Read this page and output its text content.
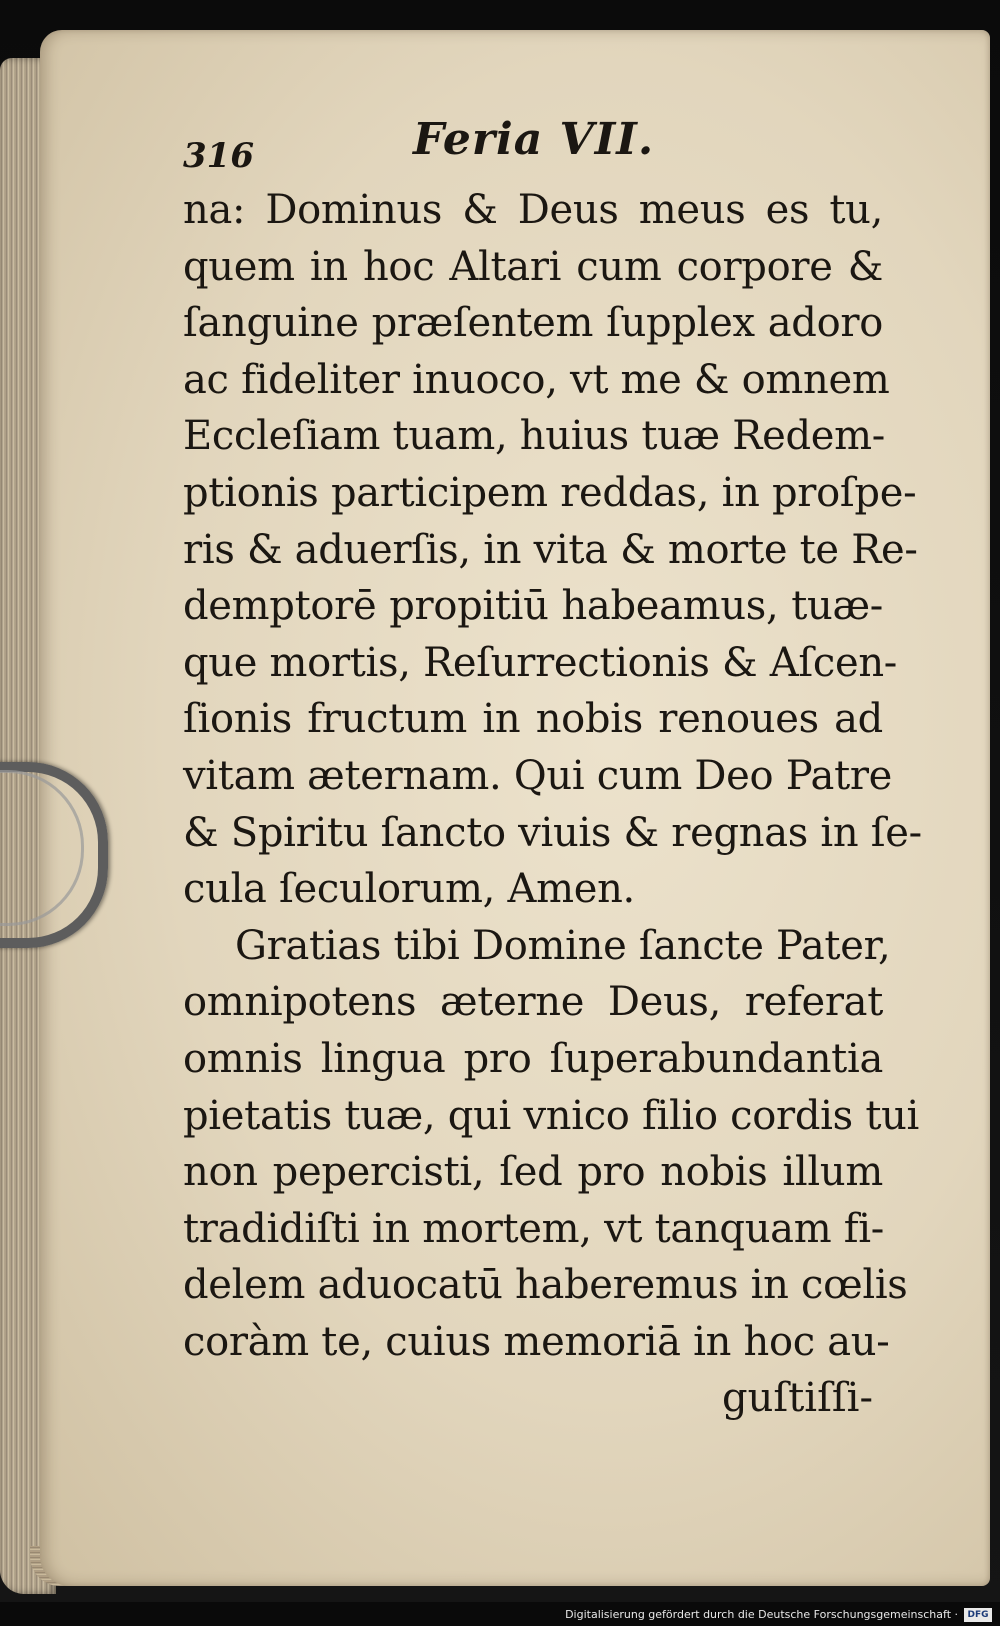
316	Feria VII.
na: Dominus & Deus meus es tu,
quem in hoc Altari cum corpore &
ſanguine præſentem ſupplex adoro
ac fideliter inuoco, vt me & omnem
Eccleſiam tuam, huius tuæ Redem-
ptionis participem reddas, in proſpe-
ris & aduerſis, in vita & morte te Re-
demptorē propitiū habeamus, tuæ-
que mortis, Reſurrectionis & Aſcen-
ſionis fructum in nobis renoues ad
vitam æternam. Qui cum Deo Patre
& Spiritu ſancto viuis & regnas in ſe-
cula ſeculorum, Amen.
Gratias tibi Domine ſancte Pater,
omnipotens æterne Deus, referat
omnis lingua pro ſuperabundantia
pietatis tuæ, qui vnico filio cordis tui
non pepercisti, ſed pro nobis illum
tradidiſti in mortem, vt tanquam fi-
delem aduocatū haberemus in cœlis
coràm te, cuius memoriā in hoc au-
guſtiſſi-
Digitalisierung gefördert durch die Deutsche Forschungsgemeinschaft ·	DFG
